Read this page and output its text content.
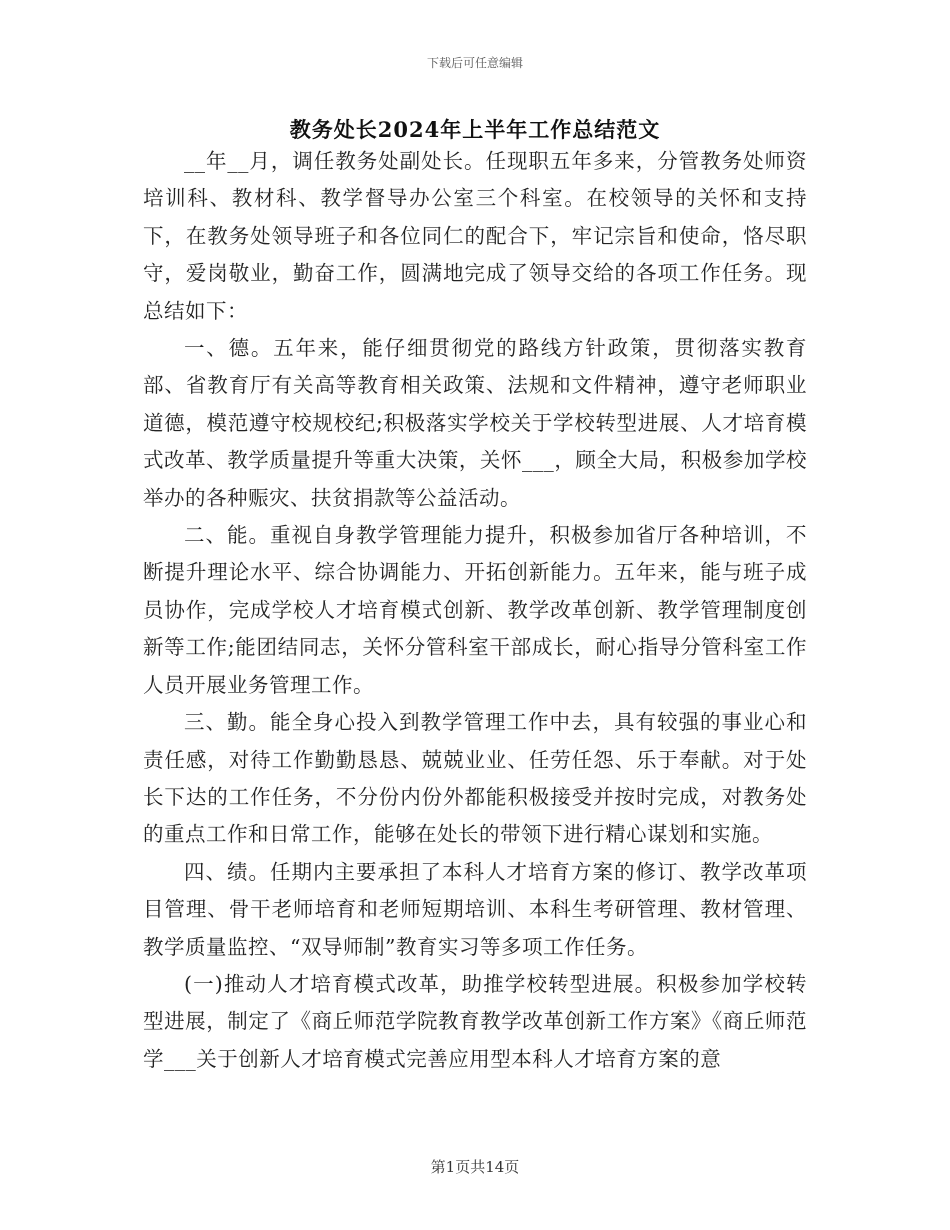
下载后可任意编辑
教务处长2024年上半年工作总结范文

__年__月，调任教务处副处长。任现职五年多来，分管教务处师资培训科、教材科、教学督导办公室三个科室。在校领导的关怀和支持下，在教务处领导班子和各位同仁的配合下，牢记宗旨和使命，恪尽职守，爱岗敬业，勤奋工作，圆满地完成了领导交给的各项工作任务。现总结如下：

一、德。五年来，能仔细贯彻党的路线方针政策，贯彻落实教育部、省教育厅有关高等教育相关政策、法规和文件精神，遵守老师职业道德，模范遵守校规校纪;积极落实学校关于学校转型进展、人才培育模式改革、教学质量提升等重大决策，关怀___，顾全大局，积极参加学校举办的各种赈灾、扶贫捐款等公益活动。

二、能。重视自身教学管理能力提升，积极参加省厅各种培训，不断提升理论水平、综合协调能力、开拓创新能力。五年来，能与班子成员协作，完成学校人才培育模式创新、教学改革创新、教学管理制度创新等工作;能团结同志，关怀分管科室干部成长，耐心指导分管科室工作人员开展业务管理工作。

三、勤。能全身心投入到教学管理工作中去，具有较强的事业心和责任感，对待工作勤勤恳恳、兢兢业业、任劳任怨、乐于奉献。对于处长下达的工作任务，不分份内份外都能积极接受并按时完成，对教务处的重点工作和日常工作，能够在处长的带领下进行精心谋划和实施。

四、绩。任期内主要承担了本科人才培育方案的修订、教学改革项目管理、骨干老师培育和老师短期培训、本科生考研管理、教材管理、教学质量监控、“双导师制”教育实习等多项工作任务。

(一)推动人才培育模式改革，助推学校转型进展。积极参加学校转型进展，制定了《商丘师范学院教育教学改革创新工作方案》《商丘师范学___关于创新人才培育模式完善应用型本科人才培育方案的意

第1页共14页
